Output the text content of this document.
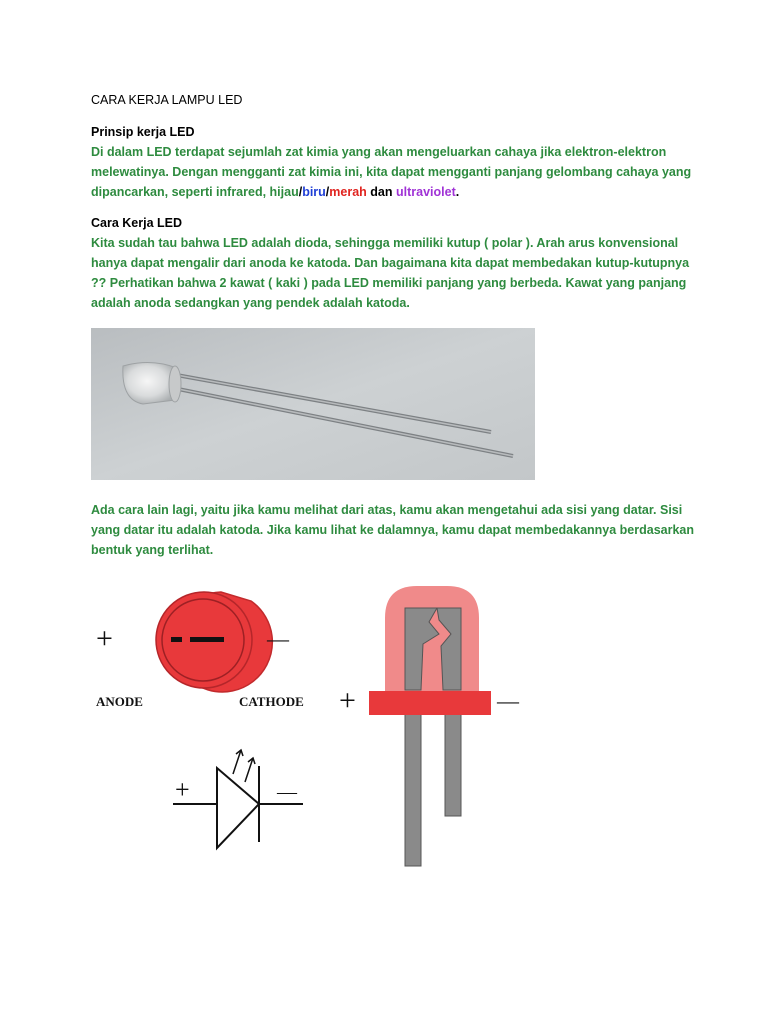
CARA KERJA LAMPU LED
Prinsip kerja LED
Di dalam LED terdapat sejumlah zat kimia yang akan mengeluarkan cahaya jika elektron-elektron
melewatinya. Dengan mengganti zat kimia ini, kita dapat mengganti panjang gelombang cahaya yang
dipancarkan, seperti infrared, hijau/biru/merah dan ultraviolet.
Cara Kerja LED
Kita sudah tau bahwa LED adalah dioda, sehingga memiliki kutup ( polar ). Arah arus konvensional
hanya dapat mengalir dari anoda ke katoda. Dan bagaimana kita dapat membedakan kutup-kutupnya
?? Perhatikan bahwa 2 kawat ( kaki ) pada LED memiliki panjang yang berbeda. Kawat yang panjang
adalah anoda sedangkan yang pendek adalah katoda.
Ada cara lain lagi, yaitu jika kamu melihat dari atas, kamu akan mengetahui ada sisi yang datar. Sisi
yang datar itu adalah katoda. Jika kamu lihat ke dalamnya, kamu dapat membedakannya berdasarkan
bentuk yang terlihat.
+	—
ANODE	CATHODE
+	—
+	—
